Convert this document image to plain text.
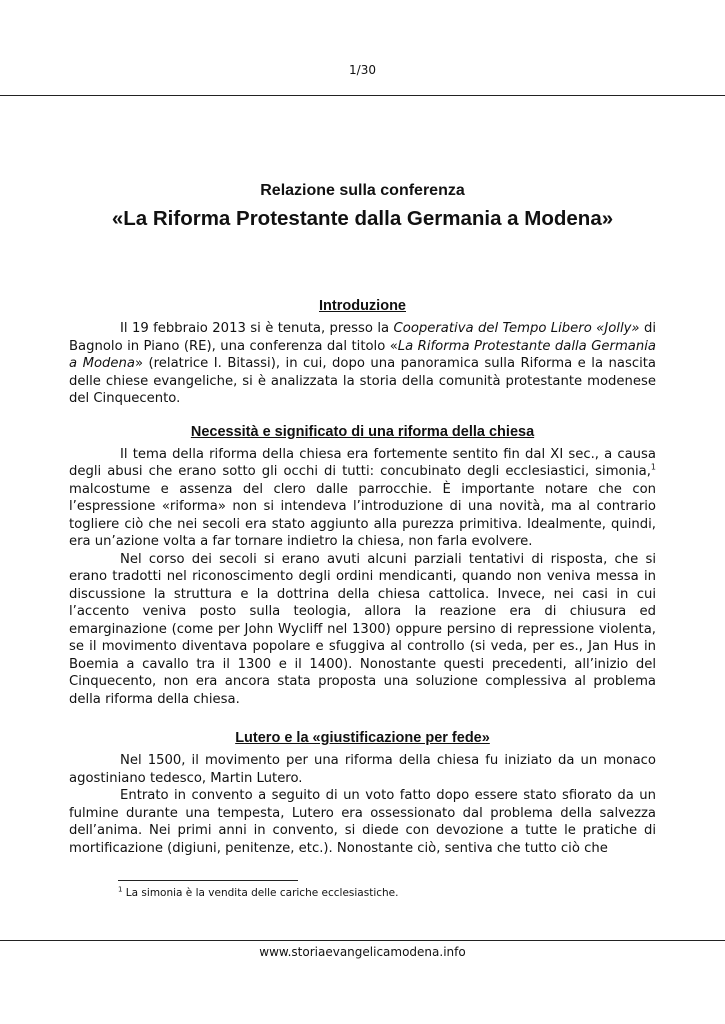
1/30
Relazione sulla conferenza
«La Riforma Protestante dalla Germania a Modena»
Introduzione

Il 19 febbraio 2013 si è tenuta, presso la Cooperativa del Tempo Libero «Jolly» di Bagnolo in Piano (RE), una conferenza dal titolo «La Riforma Protestante dalla Germania a Modena» (relatrice I. Bitassi), in cui, dopo una panoramica sulla Riforma e la nascita delle chiese evangeliche, si è analizzata la storia della comunità protestante modenese del Cinquecento.

Necessità e significato di una riforma della chiesa

Il tema della riforma della chiesa era fortemente sentito fin dal XI sec., a causa degli abusi che erano sotto gli occhi di tutti: concubinato degli ecclesiastici, simonia,$^1$ malcostume e assenza del clero dalle parrocchie. È importante notare che con l’espressione «riforma» non si intendeva l’introduzione di una novità, ma al contrario togliere ciò che nei secoli era stato aggiunto alla purezza primitiva. Idealmente, quindi, era un’azione volta a far tornare indietro la chiesa, non farla evolvere.

Nel corso dei secoli si erano avuti alcuni parziali tentativi di risposta, che si erano tradotti nel riconoscimento degli ordini mendicanti, quando non veniva messa in discussione la struttura e la dottrina della chiesa cattolica. Invece, nei casi in cui l’accento veniva posto sulla teologia, allora la reazione era di chiusura ed emarginazione (come per John Wycliff nel 1300) oppure persino di repressione violenta, se il movimento diventava popolare e sfuggiva al controllo (si veda, per es., Jan Hus in Boemia a cavallo tra il 1300 e il 1400). Nonostante questi precedenti, all’inizio del Cinquecento, non era ancora stata proposta una soluzione complessiva al problema della riforma della chiesa.

Lutero e la «giustificazione per fede»

Nel 1500, il movimento per una riforma della chiesa fu iniziato da un monaco agostiniano tedesco, Martin Lutero.

Entrato in convento a seguito di un voto fatto dopo essere stato sfiorato da un fulmine durante una tempesta, Lutero era ossessionato dal problema della salvezza dell’anima. Nei primi anni in convento, si diede con devozione a tutte le pratiche di mortificazione (digiuni, penitenze, etc.). Nonostante ciò, sentiva che tutto ciò che

$^1$ La simonia è la vendita delle cariche ecclesiastiche.
www.storiaevangelicamodena.info
